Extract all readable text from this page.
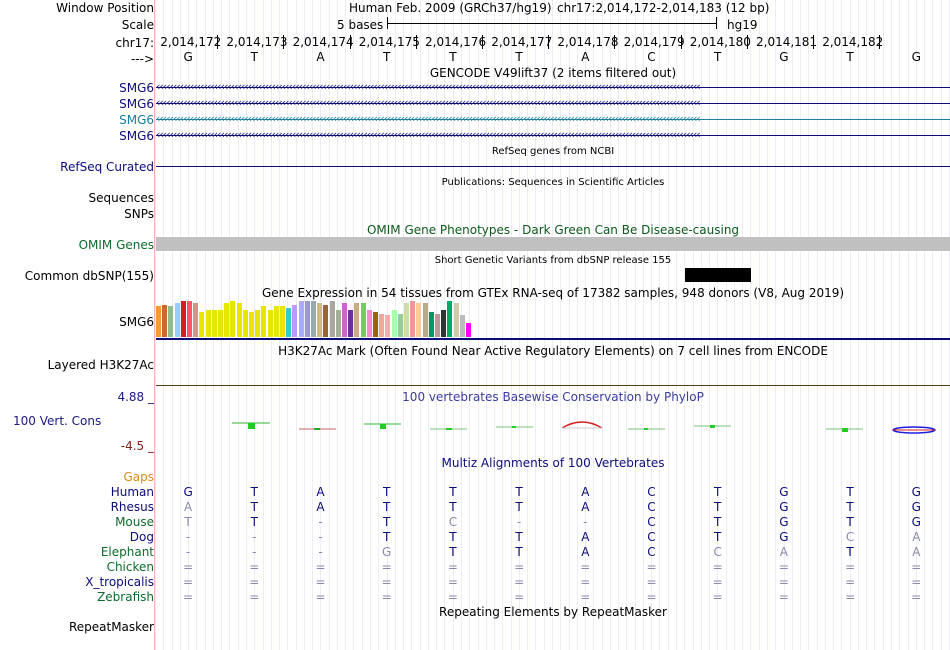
Window Position
Scale
chr17:
--->
Human Feb. 2009 (GRCh37/hg19) chr17:2,014,172-2,014,183 (12 bp)
5 bases	hg19
2,014,172 2,014,173 2,014,174 2,014,175 2,014,176 2,014,177 2,014,178 2,014,179 2,014,180 2,014,181 2,014,182
G	T	A	T	T	T	A	C	T	G	T	G
GENCODE V49lift37 (2 items filtered out)
SMG6 ‹‹‹‹‹‹‹‹‹‹‹‹‹‹‹‹‹‹‹‹‹‹‹‹‹‹‹‹‹‹‹‹‹‹‹‹‹‹‹‹‹‹‹‹‹‹‹‹‹‹‹‹‹‹‹‹‹‹‹‹‹‹‹‹‹‹‹‹‹‹‹‹‹‹‹‹‹‹‹‹‹‹‹‹‹‹‹‹‹‹‹‹‹‹‹‹‹‹‹‹‹‹‹‹‹‹‹‹‹‹‹‹‹‹‹‹‹‹‹‹‹‹‹‹‹‹‹‹‹‹‹‹‹‹‹‹‹‹‹‹‹‹‹‹‹‹‹‹‹‹‹‹‹‹‹‹‹‹‹‹
SMG6 ‹‹‹‹‹‹‹‹‹‹‹‹‹‹‹‹‹‹‹‹‹‹‹‹‹‹‹‹‹‹‹‹‹‹‹‹‹‹‹‹‹‹‹‹‹‹‹‹‹‹‹‹‹‹‹‹‹‹‹‹‹‹‹‹‹‹‹‹‹‹‹‹‹‹‹‹‹‹‹‹‹‹‹‹‹‹‹‹‹‹‹‹‹‹‹‹‹‹‹‹‹‹‹‹‹‹‹‹‹‹‹‹‹‹‹‹‹‹‹‹‹‹‹‹‹‹‹‹‹‹‹‹‹‹‹‹‹‹‹‹‹‹‹‹‹‹‹‹‹‹‹‹‹‹‹‹‹‹‹‹
SMG6 ‹‹‹‹‹‹‹‹‹‹‹‹‹‹‹‹‹‹‹‹‹‹‹‹‹‹‹‹‹‹‹‹‹‹‹‹‹‹‹‹‹‹‹‹‹‹‹‹‹‹‹‹‹‹‹‹‹‹‹‹‹‹‹‹‹‹‹‹‹‹‹‹‹‹‹‹‹‹‹‹‹‹‹‹‹‹‹‹‹‹‹‹‹‹‹‹‹‹‹‹‹‹‹‹‹‹‹‹‹‹‹‹‹‹‹‹‹‹‹‹‹‹‹‹‹‹‹‹‹‹‹‹‹‹‹‹‹‹‹‹‹‹‹‹‹‹‹‹‹‹‹‹‹‹‹‹‹‹‹‹
SMG6 ‹‹‹‹‹‹‹‹‹‹‹‹‹‹‹‹‹‹‹‹‹‹‹‹‹‹‹‹‹‹‹‹‹‹‹‹‹‹‹‹‹‹‹‹‹‹‹‹‹‹‹‹‹‹‹‹‹‹‹‹‹‹‹‹‹‹‹‹‹‹‹‹‹‹‹‹‹‹‹‹‹‹‹‹‹‹‹‹‹‹‹‹‹‹‹‹‹‹‹‹‹‹‹‹‹‹‹‹‹‹‹‹‹‹‹‹‹‹‹‹‹‹‹‹‹‹‹‹‹‹‹‹‹‹‹‹‹‹‹‹‹‹‹‹‹‹‹‹‹‹‹‹‹‹‹‹‹‹‹‹
RefSeq genes from NCBI
RefSeq Curated
Publications: Sequences in Scientific Articles
Sequences
SNPs
OMIM Gene Phenotypes - Dark Green Can Be Disease-causing
OMIM Genes
Short Genetic Variants from dbSNP release 155
Common dbSNP(155)
Gene Expression in 54 tissues from GTEx RNA-seq of 17382 samples, 948 donors (V8, Aug 2019)
SMG6
H3K27Ac Mark (Often Found Near Active Regulatory Elements) on 7 cell lines from ENCODE
Layered H3K27Ac
100 vertebrates Basewise Conservation by PhyloP
4.88 _
100 Vert. Cons
-4.5 _
Multiz Alignments of 100 Vertebrates
Gaps
Human	G	T	A	T	T	T	A	C	T	G	T	G
Rhesus	A	T	A	T	T	T	A	C	T	G	T	G
Mouse	T	T	-	T	C	-	-	C	T	G	T	G
Dog	-	-	-	T	T	T	A	C	T	G	C	A
Elephant	-	-	-	G	T	T	A	C	C	A	T	A
Chicken	=	=	=	=	=	=	=	=	=	=	=	=
X_tropicalis	=	=	=	=	=	=	=	=	=	=	=	=
Zebrafish	=	=	=	=	=	=	=	=	=	=	=	=
Repeating Elements by RepeatMasker
RepeatMasker
